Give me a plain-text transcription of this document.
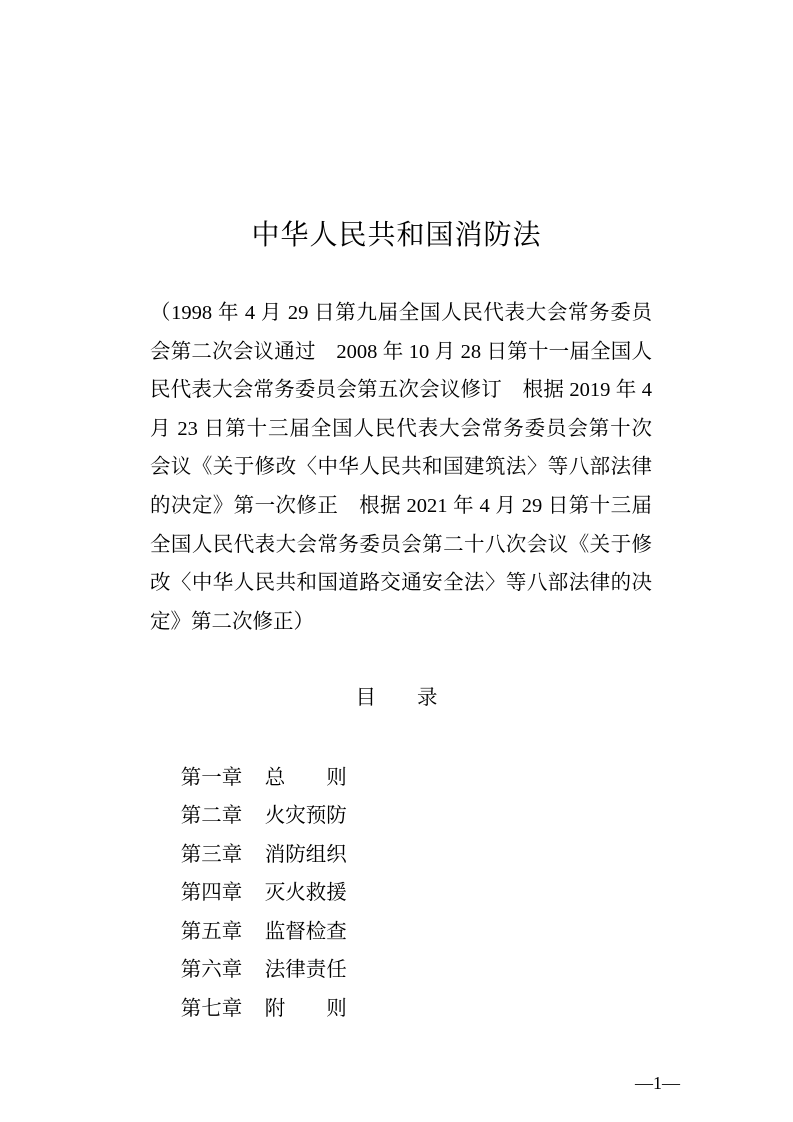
中华人民共和国消防法
（1998 年 4 月 29 日第九届全国人民代表大会常务委员
会第二次会议通过　2008 年 10 月 28 日第十一届全国人
民代表大会常务委员会第五次会议修订　根据 2019 年 4
月 23 日第十三届全国人民代表大会常务委员会第十次
会议《关于修改〈中华人民共和国建筑法〉等八部法律
的决定》第一次修正　根据 2021 年 4 月 29 日第十三届
全国人民代表大会常务委员会第二十八次会议《关于修
改〈中华人民共和国道路交通安全法〉等八部法律的决
定》第二次修正）
目　　录

第一章 总　　则

第二章 火灾预防

第三章 消防组织

第四章 灭火救援

第五章 监督检查

第六章 法律责任

第七章 附　　则

—1—
